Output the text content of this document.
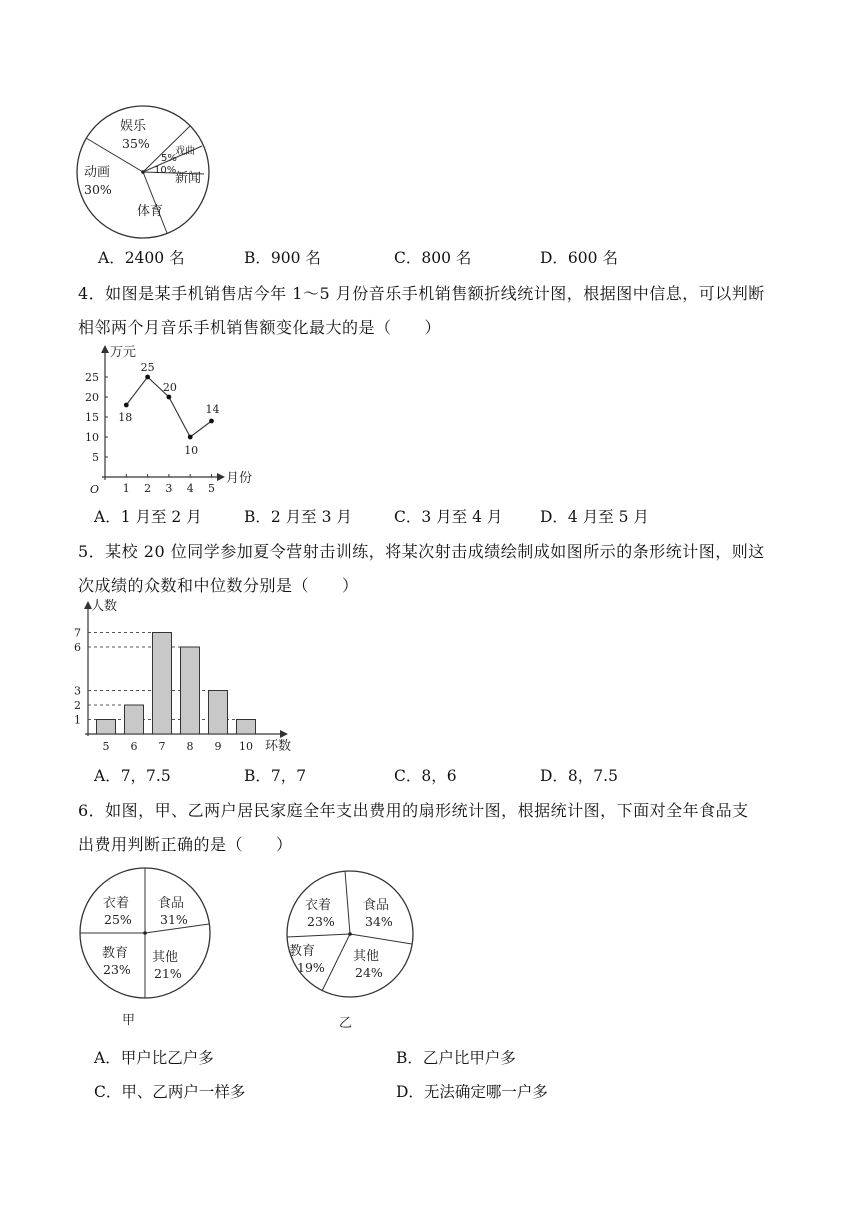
娱乐
35%
戏曲
5%
10%
新闻
动画
30%
体育
A．2400 名	B．900 名	C．800 名	D．600 名
4．如图是某手机销售店今年 1～5 月份音乐手机销售额折线统计图，根据图中信息，可以判断
相邻两个月音乐手机销售额变化最大的是（　　）
万元
月份
O
5
10
15
20
25
1 2 3 4 5
18
25
20
10
14
A．1 月至 2 月	B．2 月至 3 月	C．3 月至 4 月 D．4 月至 5 月
5．某校 20 位同学参加夏令营射击训练，将某次射击成绩绘制成如图所示的条形统计图，则这
次成绩的众数和中位数分别是（　　）
人数
环数
1
2
3
6
7
5 6 7 8 9 10
A．7，7.5	B．7，7	C．8，6	D．8，7.5
6．如图，甲、乙两户居民家庭全年支出费用的扇形统计图，根据统计图，下面对全年食品支
出费用判断正确的是（　　）
衣着
25%
食品
31%
其他
21%
教育
23%
甲
衣着
23%
食品
34%
其他
24%
教育
19%
乙
A．甲户比乙户多	B．乙户比甲户多
C．甲、乙两户一样多	D．无法确定哪一户多
